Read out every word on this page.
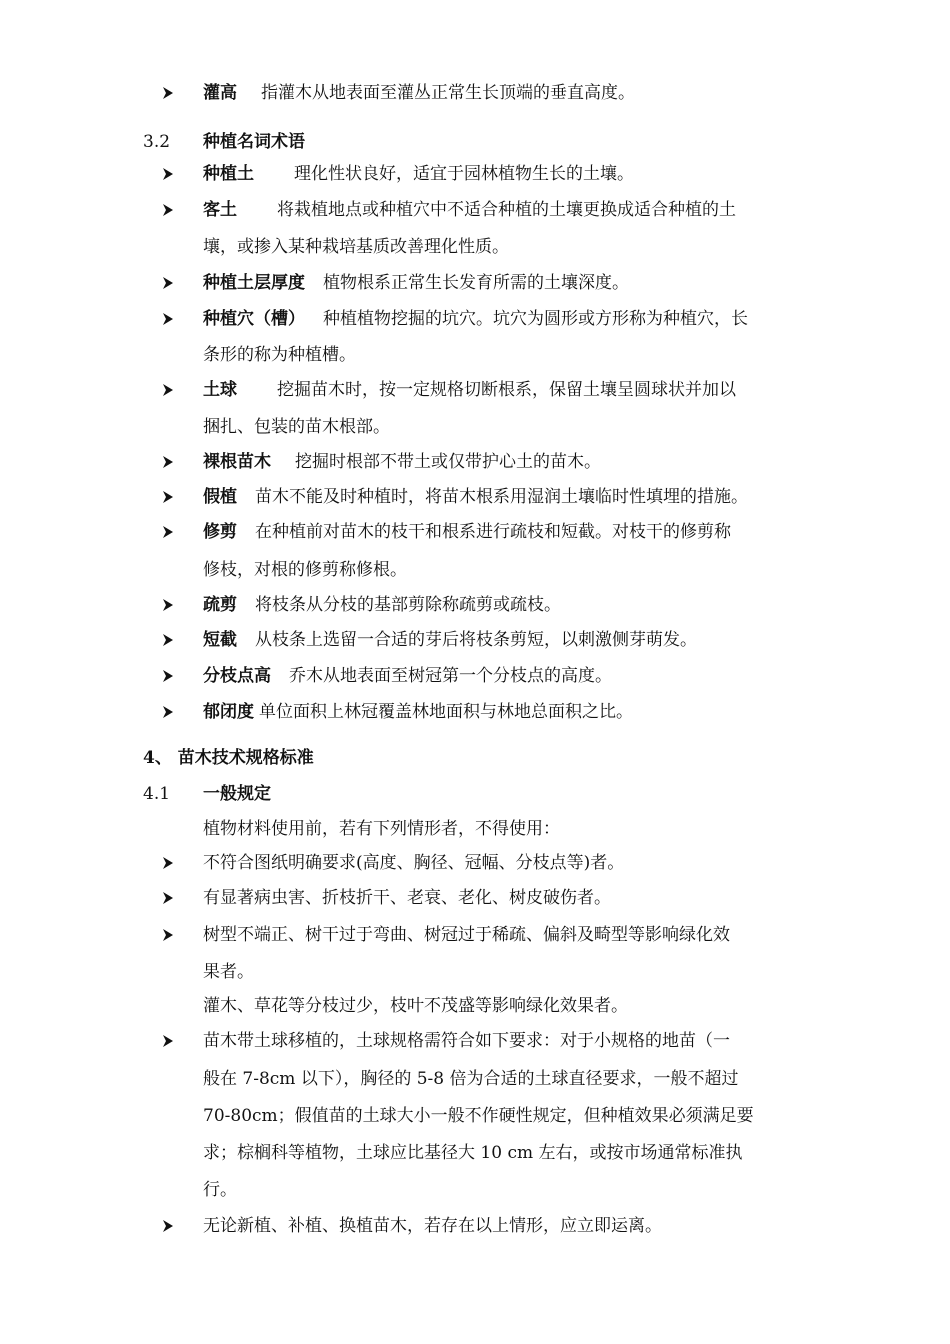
灌高 指灌木从地表面至灌丛正常生长顶端的垂直高度。
3.2 种植名词术语
种植土 理化性状良好，适宜于园林植物生长的土壤。
客土 将栽植地点或种植穴中不适合种植的土壤更换成适合种植的土
壤，或掺入某种栽培基质改善理化性质。
种植土层厚度 植物根系正常生长发育所需的土壤深度。
种植穴（槽） 种植植物挖掘的坑穴。坑穴为圆形或方形称为种植穴，长
条形的称为种植槽。
土球 挖掘苗木时，按一定规格切断根系，保留土壤呈圆球状并加以
捆扎、包装的苗木根部。
裸根苗木 挖掘时根部不带土或仅带护心土的苗木。
假植 苗木不能及时种植时，将苗木根系用湿润土壤临时性填埋的措施。
修剪 在种植前对苗木的枝干和根系进行疏枝和短截。对枝干的修剪称
修枝，对根的修剪称修根。
疏剪 将枝条从分枝的基部剪除称疏剪或疏枝。
短截 从枝条上选留一合适的芽后将枝条剪短，以刺激侧芽萌发。
分枝点高 乔木从地表面至树冠第一个分枝点的高度。
郁闭度 单位面积上林冠覆盖林地面积与林地总面积之比。
4、 苗木技术规格标准
4.1 一般规定
植物材料使用前，若有下列情形者，不得使用：
不符合图纸明确要求(高度、胸径、冠幅、分枝点等)者。
有显著病虫害、折枝折干、老衰、老化、树皮破伤者。
树型不端正、树干过于弯曲、树冠过于稀疏、偏斜及畸型等影响绿化效
果者。
灌木、草花等分枝过少，枝叶不茂盛等影响绿化效果者。
苗木带土球移植的，土球规格需符合如下要求：对于小规格的地苗（一
般在 7-8cm 以下），胸径的 5-8 倍为合适的土球直径要求，一般不超过
70-80cm；假值苗的土球大小一般不作硬性规定，但种植效果必须满足要
求；棕榈科等植物，土球应比基径大 10 cm 左右，或按市场通常标准执
行。
无论新植、补植、换植苗木，若存在以上情形，应立即运离。
